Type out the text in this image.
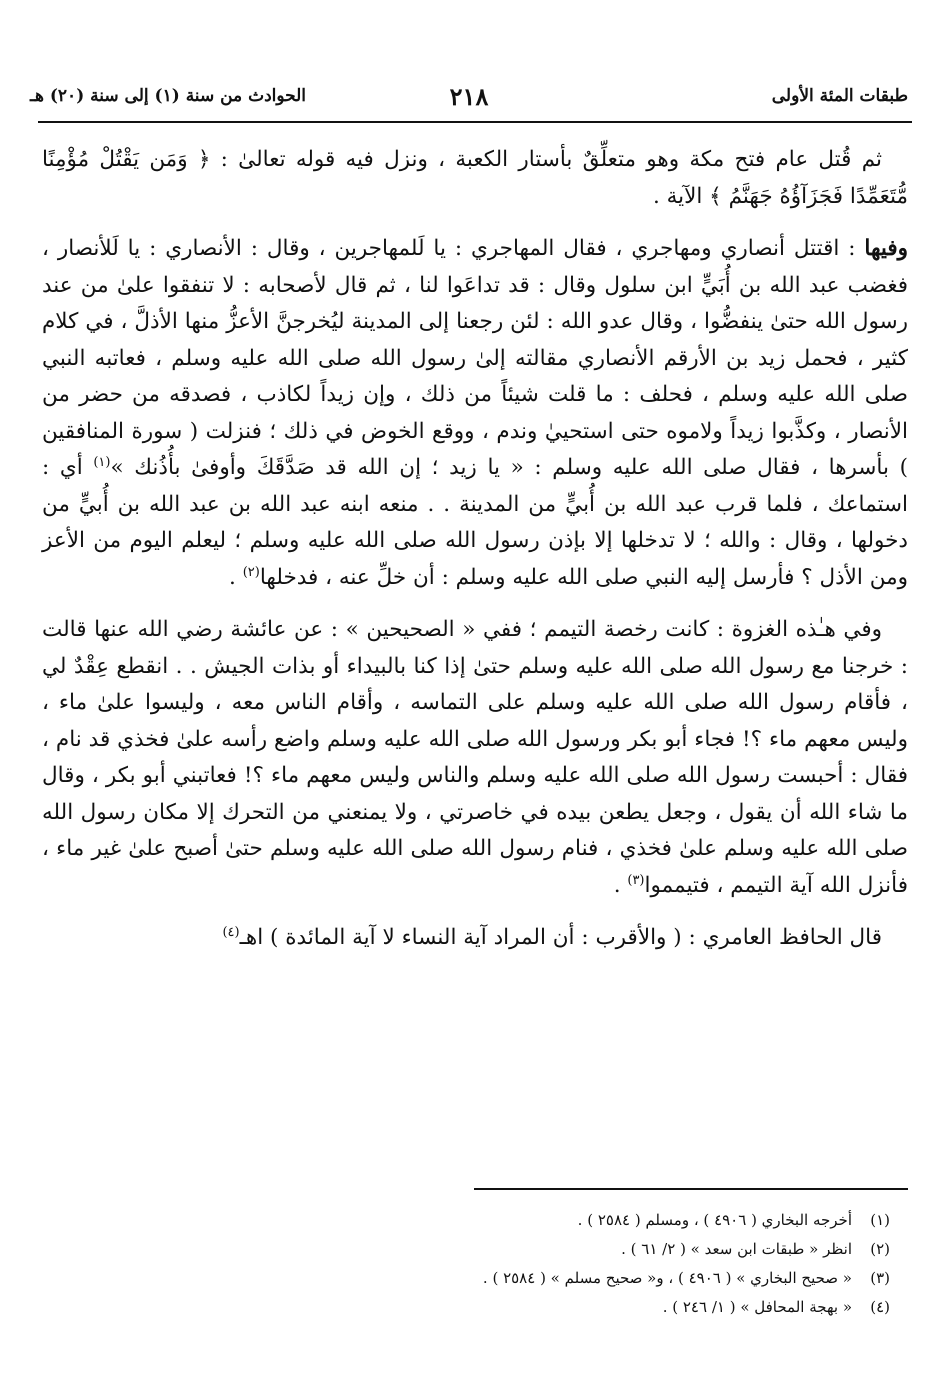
طبقات المئة الأولى
٢١٨
الحوادث من سنة (١) إلى سنة (٢٠) هـ

ثم قُتل عام فتح مكة وهو متعلِّقٌ بأستار الكعبة ، ونزل فيه قوله تعالىٰ : ﴿ وَمَن يَقْتُلْ مُؤْمِنًا مُّتَعَمِّدًا فَجَزَآؤُهُ جَهَنَّمُ ﴾ الآية .

وفيها : اقتتل أنصاري ومهاجري ، فقال المهاجري : يا لَلمهاجرين ، وقال : الأنصاري : يا لَلأنصار ، فغضب عبد الله بن أُبَيٍّ ابن سلول وقال : قد تداعَوا لنا ، ثم قال لأصحابه : لا تنفقوا علىٰ من عند رسول الله حتىٰ ينفضُّوا ، وقال عدو الله : لئن رجعنا إلى المدينة ليُخرجنَّ الأعزُّ منها الأذلَّ ، في كلام كثير ، فحمل زيد بن الأرقم الأنصاري مقالته إلىٰ رسول الله صلى الله عليه وسلم ، فعاتبه النبي صلى الله عليه وسلم ، فحلف : ما قلت شيئاً من ذلك ، وإن زيداً لكاذب ، فصدقه من حضر من الأنصار ، وكذَّبوا زيداً ولاموه حتى استحييٰ وندم ، ووقع الخوض في ذلك ؛ فنزلت ( سورة المنافقين ) بأسرها ، فقال صلى الله عليه وسلم : « يا زيد ؛ إن الله قد صَدَّقَكَ وأوفىٰ بأُذُنك »$^{(١)}$ أي : استماعك ، فلما قرب عبد الله بن أُبيٍّ من المدينة . . منعه ابنه عبد الله بن عبد الله بن أُبيٍّ من دخولها ، وقال : والله ؛ لا تدخلها إلا بإذن رسول الله صلى الله عليه وسلم ؛ ليعلم اليوم من الأعز ومن الأذل ؟ فأرسل إليه النبي صلى الله عليه وسلم : أن خلِّ عنه ، فدخلها$^{(٢)}$ .

وفي هـٰذه الغزوة : كانت رخصة التيمم ؛ ففي « الصحيحين » : عن عائشة رضي الله عنها قالت : خرجنا مع رسول الله صلى الله عليه وسلم حتىٰ إذا كنا بالبيداء أو بذات الجيش . . انقطع عِقْدٌ لي ، فأقام رسول الله صلى الله عليه وسلم على التماسه ، وأقام الناس معه ، وليسوا علىٰ ماء ، وليس معهم ماء ؟! فجاء أبو بكر ورسول الله صلى الله عليه وسلم واضع رأسه علىٰ فخذي قد نام ، فقال : أحبست رسول الله صلى الله عليه وسلم والناس وليس معهم ماء ؟! فعاتبني أبو بكر ، وقال ما شاء الله أن يقول ، وجعل يطعن بيده في خاصرتي ، ولا يمنعني من التحرك إلا مكان رسول الله صلى الله عليه وسلم علىٰ فخذي ، فنام رسول الله صلى الله عليه وسلم حتىٰ أصبح علىٰ غير ماء ، فأنزل الله آية التيمم ، فتيمموا$^{(٣)}$ .

قال الحافظ العامري : ( والأقرب : أن المراد آية النساء لا آية المائدة ) اهـ$^{(٤)}$

(١)
أخرجه البخاري ( ٤٩٠٦ ) ، ومسلم ( ٢٥٨٤ ) .
(٢)
انظر « طبقات ابن سعد » ( ٢/ ٦١ ) .
(٣)
« صحيح البخاري » ( ٤٩٠٦ ) ، و« صحيح مسلم » ( ٢٥٨٤ ) .
(٤)
« بهجة المحافل » ( ١/ ٢٤٦ ) .
